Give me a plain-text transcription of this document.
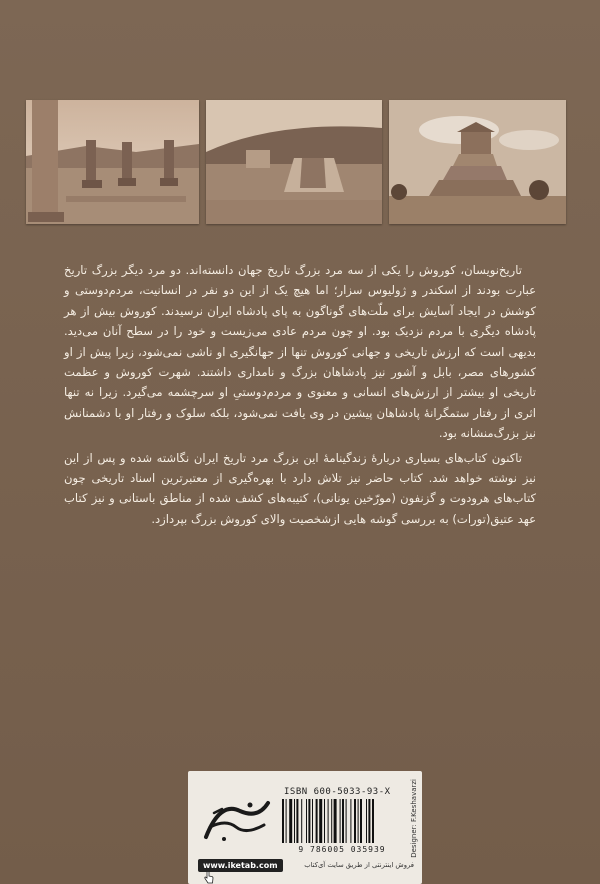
تاریخ‌نویسان، کوروش را یکی از سه مرد بزرگ تاریخ جهان دانسته‌اند. دو مرد دیگر بزرگ تاریخ عبارت بودند از اسکندر و ژولیوس سزار؛ اما هیچ یک از این دو نفر در انسانیت، مردم‌دوستی و کوشش در ایجاد آسایش برای ملّت‌های گوناگون به پای پادشاه ایران نرسیدند. کوروش بیش از هر پادشاه دیگری با مردم نزدیک بود. او چون مردم عادی می‌زیست و خود را در سطح آنان می‌دید. بدیهی است که ارزش تاریخی و جهانی کوروش تنها از جهانگیری او ناشی نمی‌شود، زیرا پیش از او کشورهای مصر، بابل و آشور نیز پادشاهان بزرگ و نامداری داشتند. شهرت کوروش و عظمت تاریخی او بیشتر از ارزش‌های انسانی و معنوی و مردم‌دوستیِ او سرچشمه می‌گیرد. زیرا نه تنها اثری از رفتار ستمگرانهٔ پادشاهان پیشین در وی یافت نمی‌شود، بلکه سلوک و رفتار او با دشمنانش نیز بزرگ‌منشانه بود.

تاکنون کتاب‌های بسیاری دربارهٔ زندگینامهٔ این بزرگ مرد تاریخ ایران نگاشته شده و پس از این نیز نوشته خواهد شد. کتاب حاضر نیز تلاش دارد با بهره‌گیری از معتبرترین اسناد تاریخی چون کتاب‌های هرودوت و گزنفون (مورّخین یونانی)، کتیبه‌های کشف شده از مناطق باستانی و نیز کتاب عهد عتیق(تورات) به بررسی گوشه هایی ازشخصیت والای کوروش بزرگ بپردازد.

ISBN 600-5033-93-X	Designer: F.Keshavarzi
9 786005 035939
www.iketab.com	فروش اینترنتی از طریق سایت آی‌کتاب
